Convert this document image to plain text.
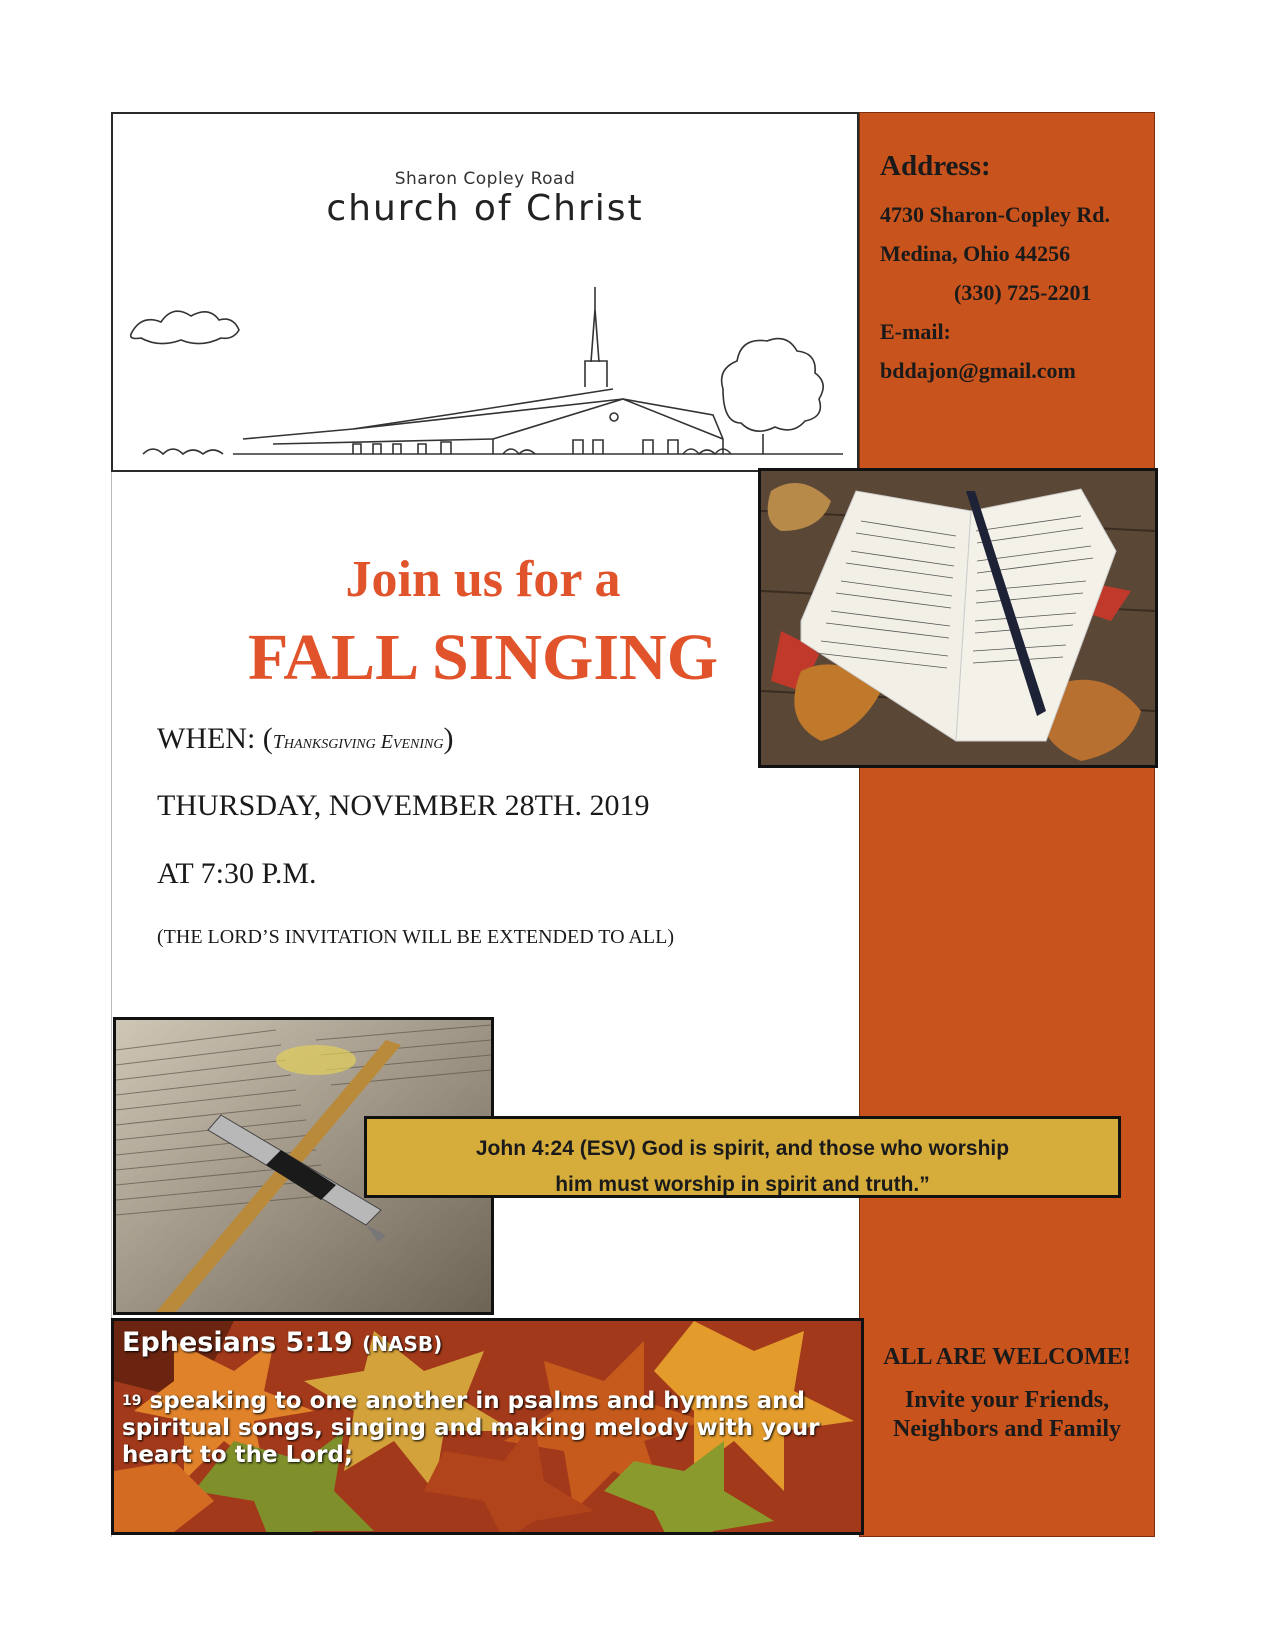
Sharon Copley Road
church of Christ
Address:
4730 Sharon-Copley Rd.
Medina, Ohio 44256
(330) 725-2201
E-mail:
bddajon@gmail.com
Join us for a
FALL SINGING
WHEN: (Thanksgiving Evening)
THURSDAY, NOVEMBER 28TH. 2019
AT 7:30 P.M.
(THE LORD’S INVITATION WILL BE EXTENDED TO ALL)
John 4:24 (ESV) God is spirit, and those who worship
him must worship in spirit and truth.”
Ephesians 5:19 (NASB)
$^{19}$ speaking to one another in psalms and hymns and spiritual songs, singing and making melody with your heart to the Lord;
ALL ARE WELCOME!
Invite your Friends, Neighbors and Family
